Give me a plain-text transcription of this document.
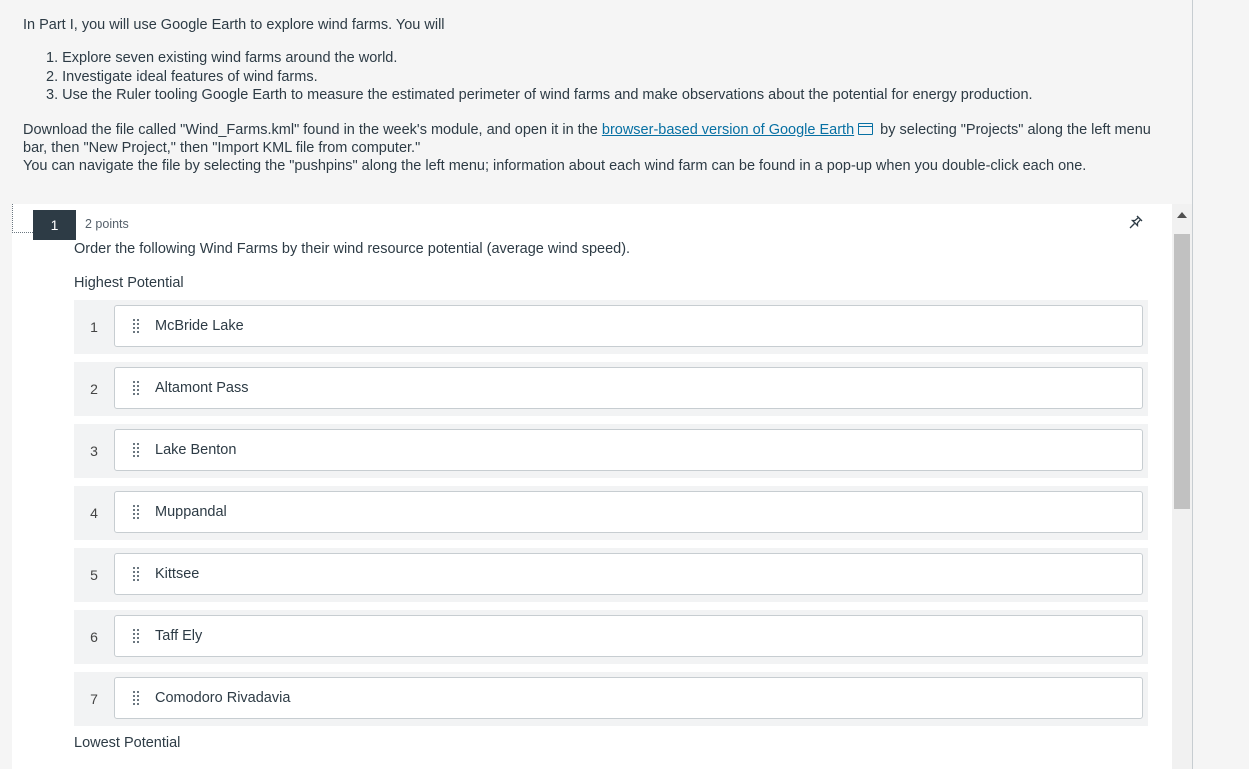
In Part I, you will use Google Earth to explore wind farms. You will

1. Explore seven existing wind farms around the world.
2. Investigate ideal features of wind farms.
3. Use the Ruler tooling Google Earth to measure the estimated perimeter of wind farms and make observations about the potential for energy production.

Download the file called "Wind_Farms.kml" found in the week's module, and open it in the browser-based version of Google Earth by selecting "Projects" along the left menu bar, then "New Project," then "Import KML file from computer."

You can navigate the file by selecting the "pushpins" along the left menu; information about each wind farm can be found in a pop-up when you double-click each one.

1	2 points
Order the following Wind Farms by their wind resource potential (average wind speed).
Highest Potential
1	McBride Lake
2	Altamont Pass
3	Lake Benton
4	Muppandal
5	Kittsee
6	Taff Ely
7	Comodoro Rivadavia
Lowest Potential
